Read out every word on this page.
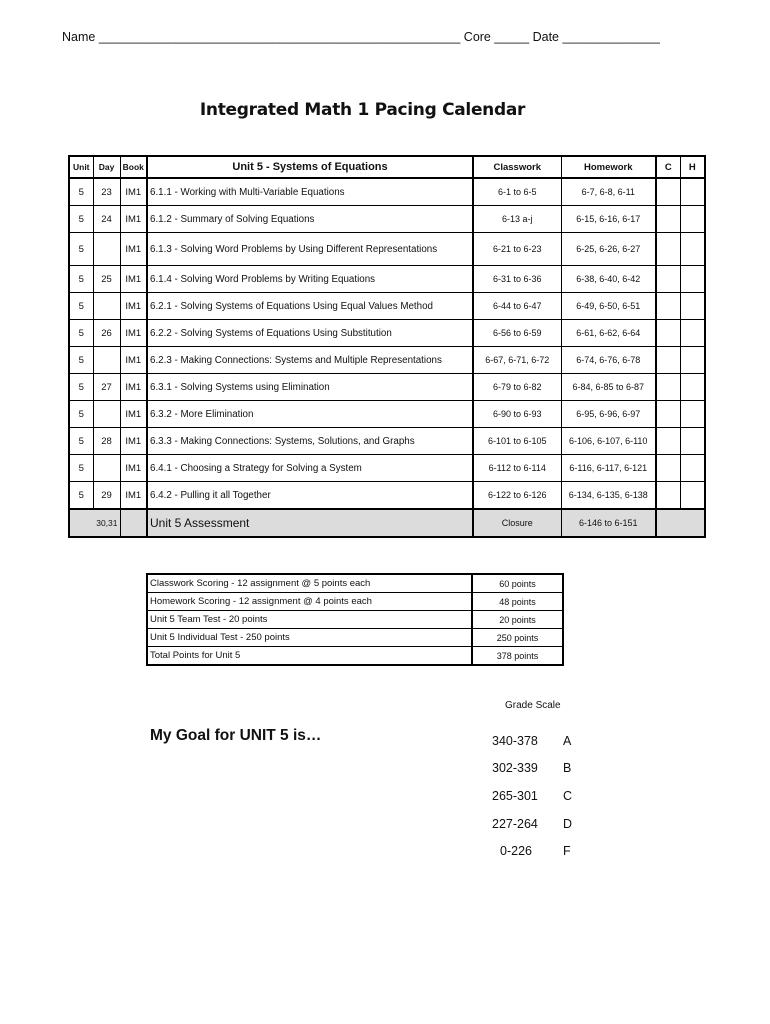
Name ____________________________________________________ Core _____ Date ______________
Integrated Math 1 Pacing Calendar
Unit	Day	Book	Unit 5 - Systems of Equations	Classwork	Homework	C	H
5	23	IM1	6.1.1 - Working with Multi-Variable Equations	6-1 to 6-5	6-7, 6-8, 6-11		
5	24	IM1	6.1.2 - Summary of Solving Equations	6-13 a-j	6-15, 6-16, 6-17		
5		IM1	6.1.3 - Solving Word Problems by Using Different Representations	6-21 to 6-23	6-25, 6-26, 6-27		
5	25	IM1	6.1.4 - Solving Word Problems by Writing Equations	6-31 to 6-36	6-38, 6-40, 6-42		
5		IM1	6.2.1 - Solving Systems of Equations Using Equal Values Method	6-44 to 6-47	6-49, 6-50, 6-51		
5	26	IM1	6.2.2 - Solving Systems of Equations Using Substitution	6-56 to 6-59	6-61, 6-62, 6-64		
5		IM1	6.2.3 - Making Connections: Systems and Multiple Representations	6-67, 6-71, 6-72	6-74, 6-76, 6-78		
5	27	IM1	6.3.1 - Solving Systems using Elimination	6-79 to 6-82	6-84, 6-85 to 6-87		
5		IM1	6.3.2 - More Elimination	6-90 to 6-93	6-95, 6-96, 6-97		
5	28	IM1	6.3.3 - Making Connections: Systems, Solutions, and Graphs	6-101 to 6-105	6-106, 6-107, 6-110		
5		IM1	6.4.1 - Choosing a Strategy for Solving a System	6-112 to 6-114	6-116, 6-117, 6-121		
5	29	IM1	6.4.2 - Pulling it all Together	6-122 to 6-126	6-134, 6-135, 6-138		
30,31			Unit 5 Assessment	Closure	6-146 to 6-151		
Classwork Scoring - 12 assignment @ 5 points each	60 points
Homework Scoring - 12 assignment @ 4 points each	48 points
Unit 5 Team Test - 20 points	20 points
Unit 5 Individual Test - 250 points	250 points
Total Points for Unit 5	378 points
Grade Scale
My Goal for UNIT 5 is…	340-378 A
302-339 B
265-301 C
227-264 D
0-226 F
